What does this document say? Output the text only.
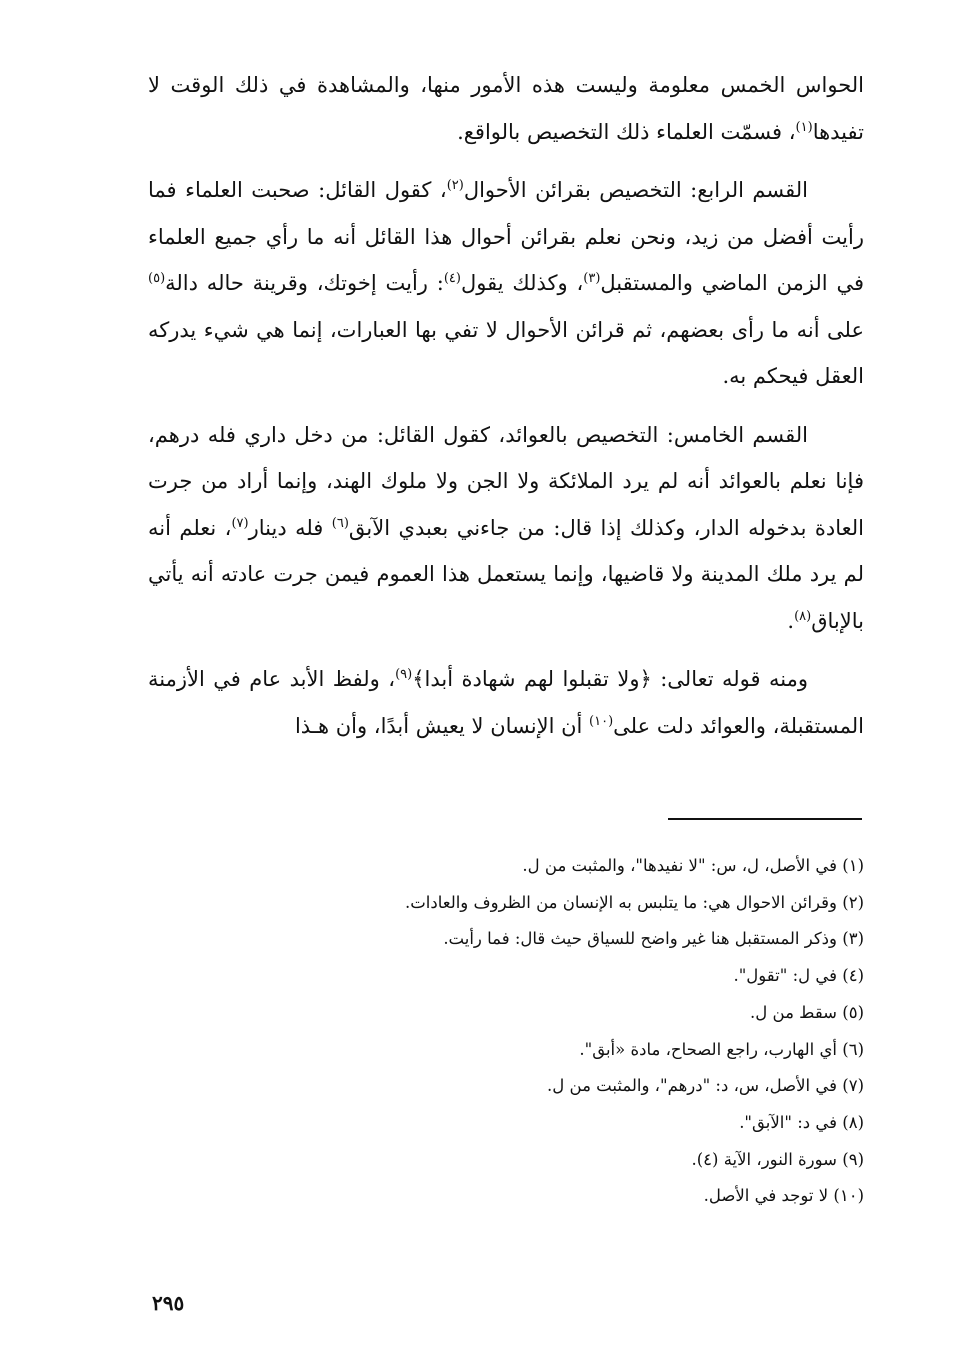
الحواس الخمس معلومة وليست هذه الأمور منها، والمشاهدة في ذلك الوقت لا تفيدها$^{(١)}$، فسمّت العلماء ذلك التخصيص بالواقع.

القسم الرابع: التخصيص بقرائن الأحوال$^{(٢)}$، كقول القائل: صحبت العلماء فما رأيت أفضل من زيد، ونحن نعلم بقرائن أحوال هذا القائل أنه ما رأي جميع العلماء في الزمن الماضي والمستقبل$^{(٣)}$، وكذلك يقول$^{(٤)}$: رأيت إخوتك، وقرينة حاله دالة$^{(٥)}$ على أنه ما رأى بعضهم، ثم قرائن الأحوال لا تفي بها العبارات، إنما هي شيء يدركه العقل فيحكم به.

القسم الخامس: التخصيص بالعوائد، كقول القائل: من دخل داري فله درهم، فإنا نعلم بالعوائد أنه لم يرد الملائكة ولا الجن ولا ملوك الهند، وإنما أراد من جرت العادة بدخوله الدار، وكذلك إذا قال: من جاءني بعبدي الآبق$^{(٦)}$ فله دينار$^{(٧)}$، نعلم أنه لم يرد ملك المدينة ولا قاضيها، وإنما يستعمل هذا العموم فيمن جرت عادته أنه يأتي بالإباق$^{(٨)}$.

ومنه قوله تعالى: ﴿ولا تقبلوا لهم شهادة أبدا﴾$^{(٩)}$، ولفظ الأبد عام في الأزمنة المستقبلة، والعوائد دلت على$^{(١٠)}$ أن الإنسان لا يعيش أبدًا، وأن هـذا

(١) في الأصل، ل، س: "لا نفيدها"، والمثبت من ل.

(٢) وقرائن الاحوال هي: ما يتلبس به الإنسان من الظروف والعادات.

(٣) وذكر المستقبل هنا غير واضح للسياق حيث قال: فما رأيت.

(٤) في ل: "تقول".

(٥) سقط من ل.

(٦) أي الهارب، راجع الصحاح، مادة «أبق".

(٧) في الأصل، س، د: "درهم"، والمثبت من ل.

(٨) في د: "الآبق".

(٩) سورة النور، الآية (٤).

(١٠) لا توجد في الأصل.

٢٩٥
